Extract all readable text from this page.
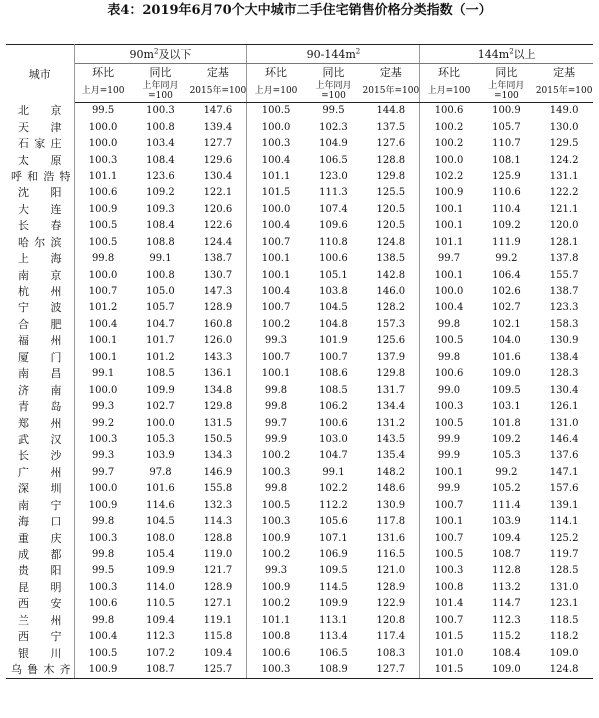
表4：2019年6月70个大中城市二手住宅销售价格分类指数（一）
城市	$90m^2$及以下			$90-144m^2$			$144m^2$以上		
	环比	同比	定基	环比	同比	定基	环比	同比	定基
	上月=100	上年同月=100	2015年=100	上月=100	上年同月=100	2015年=100	上月=100	上年同月=100	2015年=100
北京	99.5	100.3	147.6	100.5	99.5	144.8	100.6	100.9	149.0
天津	100.0	100.8	139.4	100.0	102.3	137.5	100.2	105.7	130.0
石家庄	100.0	103.4	127.7	100.3	104.9	127.6	100.2	110.7	129.5
太原	100.3	108.4	129.6	100.4	106.5	128.8	100.0	108.1	124.2
呼和浩特	101.1	123.6	130.4	101.1	123.0	129.8	102.2	125.9	131.1
沈阳	100.6	109.2	122.1	101.5	111.3	125.5	100.9	110.6	122.2
大连	100.9	109.3	120.6	100.0	107.4	120.5	100.1	110.4	121.1
长春	100.5	108.4	122.6	100.4	109.6	120.5	100.1	109.2	120.0
哈尔滨	100.5	108.8	124.4	100.7	110.8	124.8	101.1	111.9	128.1
上海	99.8	99.1	138.7	100.1	100.6	138.5	99.7	99.2	137.8
南京	100.0	100.8	130.7	100.1	105.1	142.8	100.1	106.4	155.7
杭州	100.7	105.0	147.3	100.4	103.8	146.0	100.0	102.6	138.7
宁波	101.2	105.7	128.9	100.7	104.5	128.2	100.4	102.7	123.3
合肥	100.4	104.7	160.8	100.2	104.8	157.3	99.8	102.1	158.3
福州	100.1	101.7	126.0	99.3	101.9	125.6	100.5	104.0	130.9
厦门	100.1	101.2	143.3	100.7	100.7	137.9	99.8	101.6	138.4
南昌	99.1	108.5	136.1	100.1	108.6	129.8	100.6	109.0	128.3
济南	100.0	109.9	134.8	99.8	108.5	131.7	99.0	109.5	130.4
青岛	99.3	102.7	129.8	99.8	106.2	134.4	100.3	103.1	126.1
郑州	99.2	100.0	131.5	99.7	100.6	131.2	100.5	101.8	131.0
武汉	100.3	105.3	150.5	99.9	103.0	143.5	99.9	109.2	146.4
长沙	99.3	103.9	134.3	100.2	104.7	135.4	99.9	105.3	137.6
广州	99.7	97.8	146.9	100.3	99.1	148.2	100.1	99.2	147.1
深圳	100.0	101.6	155.8	99.8	102.2	148.6	99.9	105.2	157.6
南宁	100.9	114.6	132.3	100.5	112.2	130.9	100.7	111.4	139.1
海口	99.8	104.5	114.3	100.3	105.6	117.8	100.1	103.9	114.1
重庆	100.3	108.0	128.8	100.9	107.1	131.6	100.7	109.4	125.2
成都	99.8	105.4	119.0	100.2	106.9	116.5	100.5	108.7	119.7
贵阳	99.5	109.9	121.7	99.3	109.5	121.0	100.3	112.8	128.5
昆明	100.3	114.0	128.9	100.9	114.5	128.9	100.8	113.2	131.0
西安	100.6	110.5	127.1	100.2	109.9	122.9	101.4	114.7	123.1
兰州	99.8	109.4	119.1	101.1	113.1	120.8	100.7	112.3	118.5
西宁	100.4	112.3	115.8	100.8	113.4	117.4	101.5	115.2	118.2
银川	100.5	107.2	109.4	100.6	106.5	108.3	101.0	108.4	109.0
乌鲁木齐	100.9	108.7	125.7	100.3	108.9	127.7	101.5	109.0	124.8
